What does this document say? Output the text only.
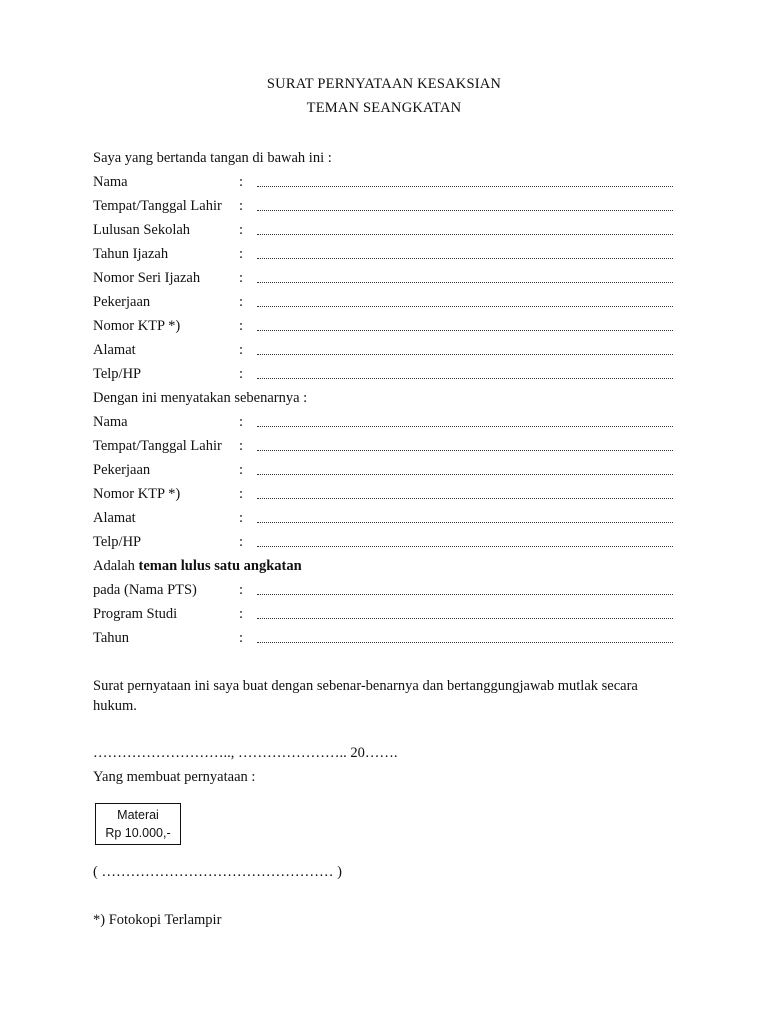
SURAT PERNYATAAN KESAKSIAN
TEMAN SEANGKATAN
Saya yang bertanda tangan di bawah ini :
Nama	:
Tempat/Tanggal Lahir :
Lulusan Sekolah	:
Tahun Ijazah	:
Nomor Seri Ijazah	:
Pekerjaan	:
Nomor KTP *)	:
Alamat	:
Telp/HP	:
Dengan ini menyatakan sebenarnya :
Nama	:
Tempat/Tanggal Lahir :
Pekerjaan	:
Nomor KTP *)	:
Alamat	:
Telp/HP	:
Adalah teman lulus satu angkatan
pada (Nama PTS)	:
Program Studi	:
Tahun	:
Surat pernyataan ini saya buat dengan sebenar-benarnya dan bertanggungjawab mutlak secara hukum.
……………………….., ………………….. 20…….
Yang membuat pernyataan :
Materai
Rp 10.000,-
( ………………………………………… )
*) Fotokopi Terlampir
